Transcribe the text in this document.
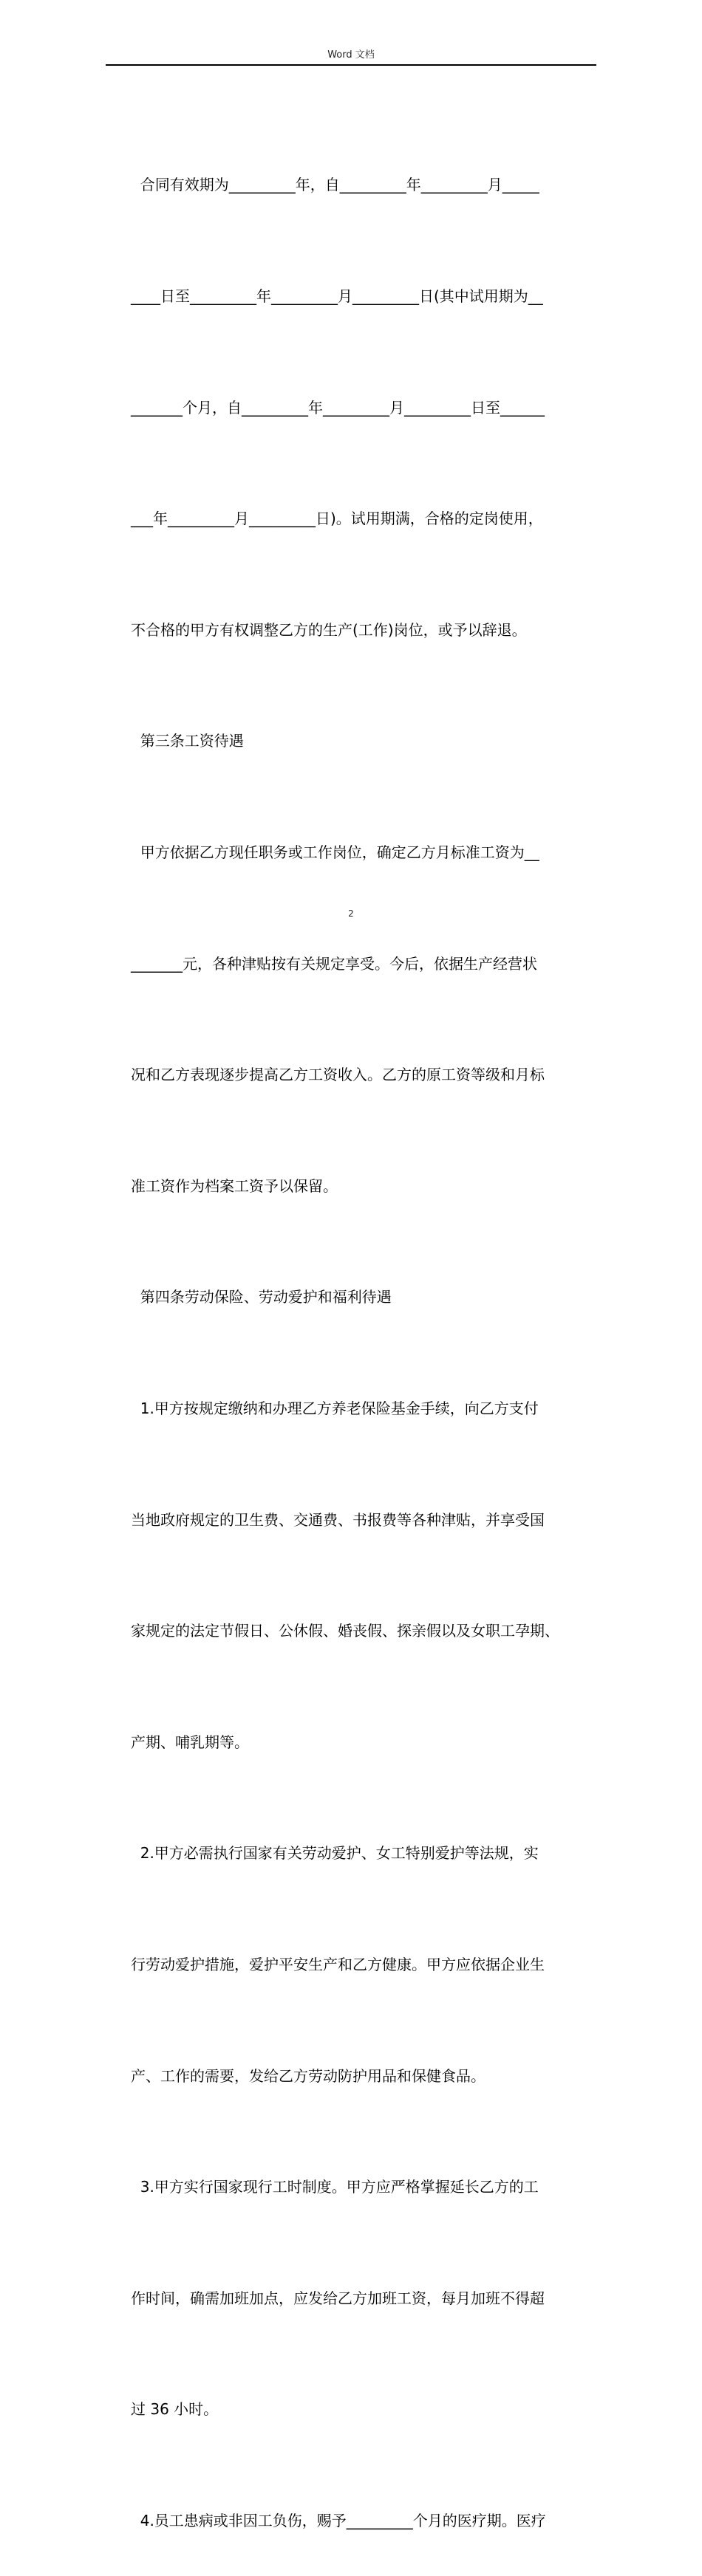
Word 文档

合同有效期为_________年，自_________年_________月_____

____日至_________年_________月_________日(其中试用期为__

_______个月，自_________年_________月_________日至______

___年_________月_________日)。试用期满，合格的定岗使用，

不合格的甲方有权调整乙方的生产(工作)岗位，或予以辞退。

第三条工资待遇

甲方依据乙方现任职务或工作岗位，确定乙方月标准工资为__

_______元，各种津贴按有关规定享受。今后，依据生产经营状

况和乙方表现逐步提高乙方工资收入。乙方的原工资等级和月标

准工资作为档案工资予以保留。

第四条劳动保险、劳动爱护和福利待遇

1.甲方按规定缴纳和办理乙方养老保险基金手续，向乙方支付

当地政府规定的卫生费、交通费、书报费等各种津贴，并享受国

家规定的法定节假日、公休假、婚丧假、探亲假以及女职工孕期、

产期、哺乳期等。

2.甲方必需执行国家有关劳动爱护、女工特别爱护等法规，实

行劳动爱护措施，爱护平安生产和乙方健康。甲方应依据企业生

产、工作的需要，发给乙方劳动防护用品和保健食品。

3.甲方实行国家现行工时制度。甲方应严格掌握延长乙方的工

作时间，确需加班加点，应发给乙方加班工资，每月加班不得超

过 36 小时。

4.员工患病或非因工负伤，赐予_________个月的医疗期。医疗

2
